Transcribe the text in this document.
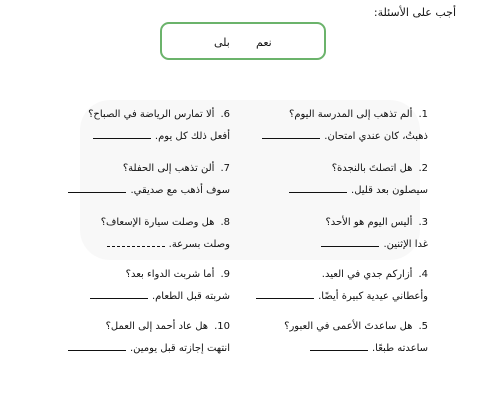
أجب على الأسئلة:
نعم
بلى
1.ألم تذهب إلى المدرسة اليوم؟
ذهبتُ، كان عندي امتحان.
2.هل اتصلتَ بالنجدة؟
سيصلون بعد قليل.
3.أليس اليوم هو الأحد؟
غدا الإثنين.
4.أزاركم جدي في العيد.
وأعطاني عيدية كبيرة أيضًا.
5.هل ساعدتَ الأعمى في العبور؟
ساعدته طبعًا.
6.ألا تمارس الرياضة في الصباح؟
أفعل ذلك كل يوم.
7.ألن تذهب إلى الحفلة؟
سوف أذهب مع صديقي.
8.هل وصلت سيارة الإسعاف؟
وصلت بسرعة.
9.أما شربت الدواء بعد؟
شربته قبل الطعام.
10.هل عاد أحمد إلى العمل؟
انتهت إجازته قبل يومين.
